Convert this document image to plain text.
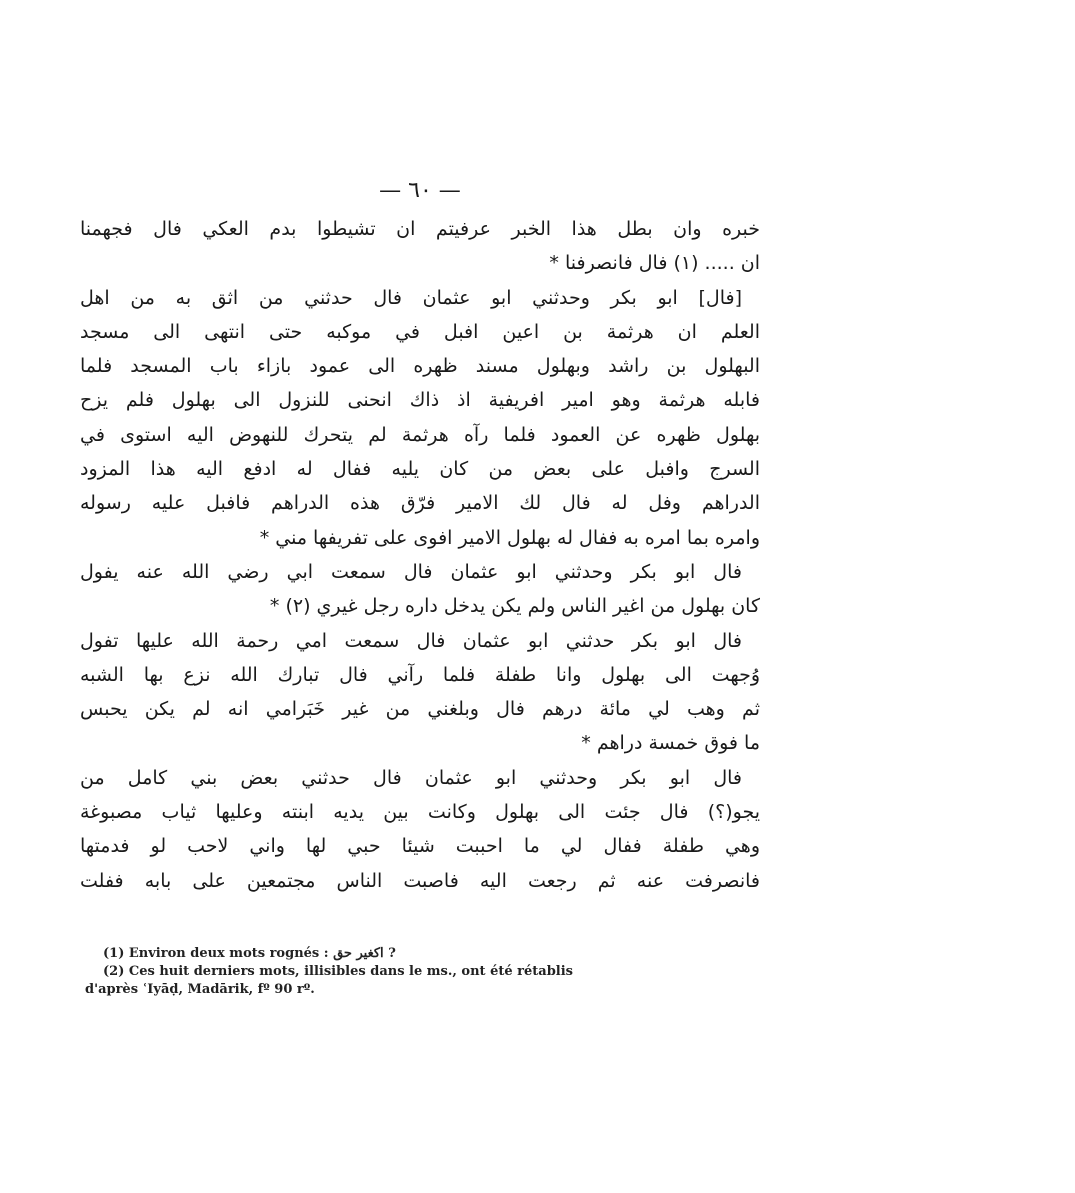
— ٦٠ —
خبره وان بطل هذا الخبر عرفيتم ان تشيطوا بدم العكي فال فجهمنا
ان ..... (١) فال فانصرفنا *
[فال] ابو بكر وحدثني ابو عثمان فال حدثني من اثق به من اهل
العلم ان هرثمة بن اعين افبل في موكبه حتى انتهى الى مسجد
البهلول بن راشد وبهلول مسند ظهره الى عمود بازاء باب المسجد فلما
فابله هرثمة وهو امير افريفية اذ ذاك انحنى للنزول الى بهلول فلم يزح
بهلول ظهره عن العمود فلما رآه هرثمة لم يتحرك للنهوض اليه استوى في
السرج وافبل على بعض من كان يليه ففال له ادفع اليه هذا المزود
الدراهم وفل له فال لك الامير فرّق هذه الدراهم فافبل عليه رسوله
وامره بما امره به ففال له بهلول الامير افوى على تفريفها مني *
فال ابو بكر وحدثني ابو عثمان فال سمعت ابي رضي الله عنه يفول
كان بهلول من اغير الناس ولم يكن يدخل داره رجل غيري (٢) *
فال ابو بكر حدثني ابو عثمان فال سمعت امي رحمة الله عليها تفول
وُجهت الى بهلول وانا طفلة فلما رآني فال تبارك الله نزع بها الشبه
ثم وهب لي مائة درهم فال وبلغني من غير خَبَرامي انه لم يكن يحبس
ما فوق خمسة دراهم *
فال ابو بكر وحدثني ابو عثمان فال حدثني بعض بني كامل من
يجو(؟) فال جئت الى بهلول وكانت بين يديه ابنته وعليها ثياب مصبوغة
وهي طفلة ففال لي ما احببت شيئا حبي لها واني لاحب لو فدمتها
فانصرفت عنه ثم رجعت اليه فاصبت الناس مجتمعين على بابه ففلت
(1) Environ deux mots rognés : اكغير حق ?
(2) Ces huit derniers mots, illisibles dans le ms., ont été rétablis
d'après ʿIyāḍ, Madārik, fº 90 rº.
